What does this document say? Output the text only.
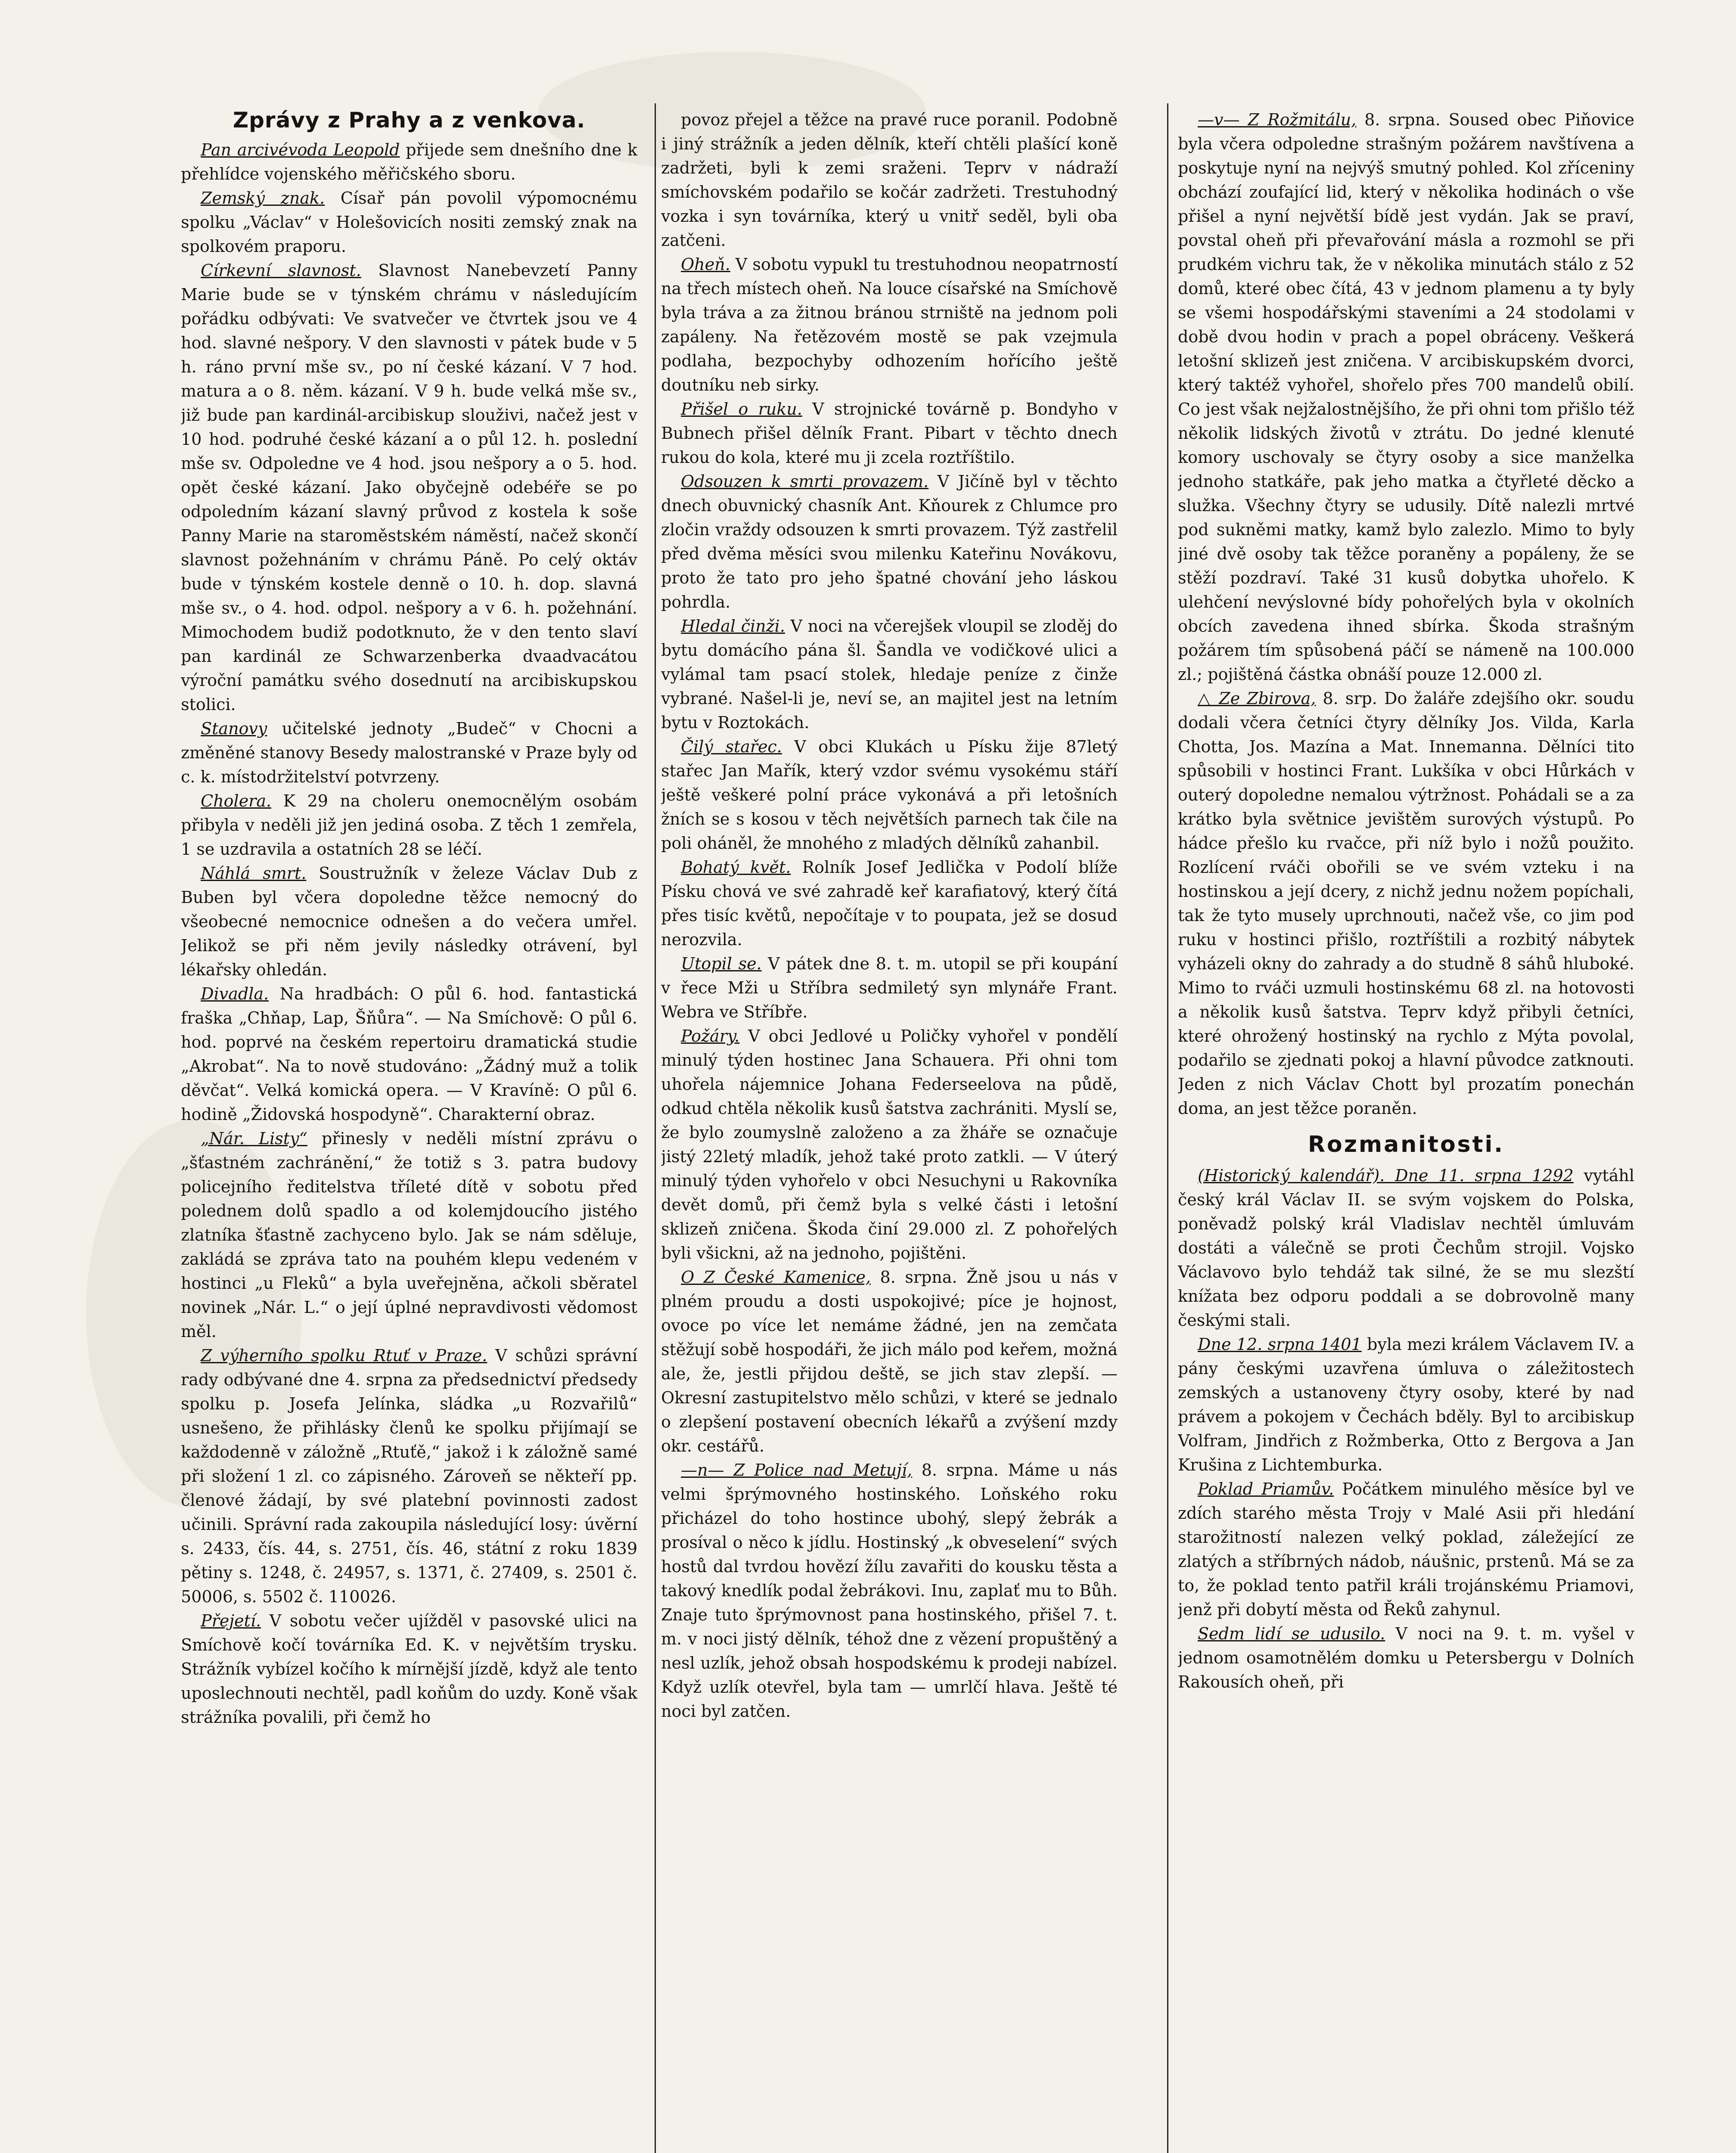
Zprávy z Prahy a z venkova.

Pan arcivévoda Leopold přijede sem dnešního dne k přehlídce vojenského měřičského sboru.

Zemský znak. Císař pán povolil výpomocnému spolku „Václav“ v Holešovicích nositi zemský znak na spolkovém praporu.

Církevní slavnost. Slavnost Nanebevzetí Panny Marie bude se v týnském chrámu v následujícím pořádku odbývati: Ve svatvečer ve čtvrtek jsou ve 4 hod. slavné nešpory. V den slavnosti v pátek bude v 5 h. ráno první mše sv., po ní české kázaní. V 7 hod. matura a o 8. něm. kázaní. V 9 h. bude velká mše sv., již bude pan kardinál-arcibiskup slouživi, načež jest v 10 hod. podruhé české kázaní a o půl 12. h. poslední mše sv. Odpoledne ve 4 hod. jsou nešpory a o 5. hod. opět české kázaní. Jako obyčejně odebéře se po odpoledním kázaní slavný průvod z kostela k soše Panny Marie na staroměstském náměstí, načež skončí slavnost požehnáním v chrámu Páně. Po celý oktáv bude v týnském kostele denně o 10. h. dop. slavná mše sv., o 4. hod. odpol. nešpory a v 6. h. požehnání. Mimochodem budiž podotknuto, že v den tento slaví pan kardinál ze Schwarzenberka dvaadvacátou výroční památku svého dosednutí na arcibiskupskou stolici.

Stanovy učitelské jednoty „Budeč“ v Chocni a změněné stanovy Besedy malostranské v Praze byly od c. k. místodržitelství potvrzeny.

Cholera. K 29 na choleru onemocnělým osobám přibyla v neděli již jen jediná osoba. Z těch 1 zemřela, 1 se uzdravila a ostatních 28 se léčí.

Náhlá smrt. Soustružník v železe Václav Dub z Buben byl včera dopoledne těžce nemocný do všeobecné nemocnice odnešen a do večera umřel. Jelikož se při něm jevily následky otrávení, byl lékařsky ohledán.

Divadla. Na hradbách: O půl 6. hod. fantastická fraška „Chňap, Lap, Šňůra“. — Na Smíchově: O půl 6. hod. poprvé na českém repertoiru dramatická studie „Akrobat“. Na to nově studováno: „Žádný muž a tolik děvčat“. Velká komická opera. — V Kravíně: O půl 6. hodině „Židovská hospodyně“. Charakterní obraz.

„Nár. Listy“ přinesly v neděli místní zprávu o „šťastném zachránění,“ že totiž s 3. patra budovy policejního ředitelstva tříleté dítě v sobotu před polednem dolů spadlo a od kolemjdoucího jistého zlatníka šťastně zachyceno bylo. Jak se nám sděluje, zakládá se zpráva tato na pouhém klepu vedeném v hostinci „u Fleků“ a byla uveřejněna, ačkoli sběratel novinek „Nár. L.“ o její úplné nepravdivosti vědomost měl.

Z výherního spolku Rtuť v Praze. V schůzi správní rady odbývané dne 4. srpna za předsednictví předsedy spolku p. Josefa Jelínka, sládka „u Rozvařilů“ usnešeno, že přihlásky členů ke spolku přijímají se každodenně v záložně „Rtuťě,“ jakož i k záložně samé při složení 1 zl. co zápisného. Zároveň se někteří pp. členové žádají, by své platební povinnosti zadost učinili. Správní rada zakoupila následující losy: úvěrní s. 2433, čís. 44, s. 2751, čís. 46, státní z roku 1839 pětiny s. 1248, č. 24957, s. 1371, č. 27409, s. 2501 č. 50006, s. 5502 č. 110026.

Přejetí. V sobotu večer ujížděl v pasovské ulici na Smíchově kočí továrníka Ed. K. v největším trysku. Strážník vybízel kočího k mírnější jízdě, když ale tento uposlechnouti nechtěl, padl koňům do uzdy. Koně však strážníka povalili, při čemž ho

povoz přejel a těžce na pravé ruce poranil. Podobně i jiný strážník a jeden dělník, kteří chtěli plašící koně zadržeti, byli k zemi sraženi. Teprv v nádraží smíchovském podařilo se kočár zadržeti. Trestuhodný vozka i syn továrníka, který u vnitř seděl, byli oba zatčeni.

Oheň. V sobotu vypukl tu trestuhodnou neopatrností na třech místech oheň. Na louce císařské na Smíchově byla tráva a za žitnou bránou strniště na jednom poli zapáleny. Na řetězovém mostě se pak vzejmula podlaha, bezpochyby odhozením hořícího ještě doutníku neb sirky.

Přišel o ruku. V strojnické továrně p. Bondyho v Bubnech přišel dělník Frant. Pibart v těchto dnech rukou do kola, které mu ji zcela roztříštilo.

Odsouzen k smrti provazem. V Jičíně byl v těchto dnech obuvnický chasník Ant. Kňourek z Chlumce pro zločin vraždy odsouzen k smrti provazem. Týž zastřelil před dvěma měsíci svou milenku Kateřinu Novákovu, proto že tato pro jeho špatné chování jeho láskou pohrdla.

Hledal činži. V noci na včerejšek vloupil se zloděj do bytu domácího pána šl. Šandla ve vodičkové ulici a vylámal tam psací stolek, hledaje peníze z činže vybrané. Našel-li je, neví se, an majitel jest na letním bytu v Roztokách.

Čilý stařec. V obci Klukách u Písku žije 87letý stařec Jan Mařík, který vzdor svému vysokému stáří ještě veškeré polní práce vykonává a při letošních žních se s kosou v těch největších parnech tak čile na poli oháněl, že mnohého z mladých dělníků zahanbil.

Bohatý květ. Rolník Josef Jedlička v Podolí blíže Písku chová ve své zahradě keř karafiatový, který čítá přes tisíc květů, nepočítaje v to poupata, jež se dosud nerozvila.

Utopil se. V pátek dne 8. t. m. utopil se při koupání v řece Mži u Stříbra sedmiletý syn mlynáře Frant. Webra ve Stříbře.

Požáry. V obci Jedlové u Poličky vyhořel v pondělí minulý týden hostinec Jana Schauera. Při ohni tom uhořela nájemnice Johana Federseelova na půdě, odkud chtěla několik kusů šatstva zachrániti. Myslí se, že bylo zoumyslně založeno a za žháře se označuje jistý 22letý mladík, jehož také proto zatkli. — V úterý minulý týden vyhořelo v obci Nesuchyni u Rakovníka devět domů, při čemž byla s velké části i letošní sklizeň zničena. Škoda činí 29.000 zl. Z pohořelých byli všickni, až na jednoho, pojištěni.

O Z České Kamenice, 8. srpna. Žně jsou u nás v plném proudu a dosti uspokojivé; píce je hojnost, ovoce po více let nemáme žádné, jen na zemčata stěžují sobě hospodáři, že jich málo pod keřem, možná ale, že, jestli přijdou deště, se jich stav zlepší. — Okresní zastupitelstvo mělo schůzi, v které se jednalo o zlepšení postavení obecních lékařů a zvýšení mzdy okr. cestářů.

—n— Z Police nad Metují, 8. srpna. Máme u nás velmi šprýmovného hostinského. Loňského roku přicházel do toho hostince ubohý, slepý žebrák a prosíval o něco k jídlu. Hostinský „k obveselení“ svých hostů dal tvrdou hovězí žílu zavařiti do kousku těsta a takový knedlík podal žebrákovi. Inu, zaplať mu to Bůh. Znaje tuto šprýmovnost pana hostinského, přišel 7. t. m. v noci jistý dělník, téhož dne z vězení propuštěný a nesl uzlík, jehož obsah hospodskému k prodeji nabízel. Když uzlík otevřel, byla tam — umrlčí hlava. Ještě té noci byl zatčen.

—v— Z Rožmitálu, 8. srpna. Soused obec Piňovice byla včera odpoledne strašným požárem navštívena a poskytuje nyní na nejvýš smutný pohled. Kol zříceniny obchází zoufající lid, který v několika hodinách o vše přišel a nyní největší bídě jest vydán. Jak se praví, povstal oheň při převařování másla a rozmohl se při prudkém vichru tak, že v několika minutách stálo z 52 domů, které obec čítá, 43 v jednom plamenu a ty byly se všemi hospodářskými staveními a 24 stodolami v době dvou hodin v prach a popel obráceny. Veškerá letošní sklizeň jest zničena. V arcibiskupském dvorci, který taktéž vyhořel, shořelo přes 700 mandelů obilí. Co jest však nejžalostnějšího, že při ohni tom přišlo též několik lidských životů v ztrátu. Do jedné klenuté komory uschovaly se čtyry osoby a sice manželka jednoho statkáře, pak jeho matka a čtyřleté děcko a služka. Všechny čtyry se udusily. Dítě nalezli mrtvé pod sukněmi matky, kamž bylo zalezlo. Mimo to byly jiné dvě osoby tak těžce poraněny a popáleny, že se stěží pozdraví. Také 31 kusů dobytka uhořelo. K ulehčení nevýslovné bídy pohořelých byla v okolních obcích zavedena ihned sbírka. Škoda strašným požárem tím spůsobená páčí se námeně na 100.000 zl.; pojištěná částka obnáší pouze 12.000 zl.

△ Ze Zbirova, 8. srp. Do žaláře zdejšího okr. soudu dodali včera četníci čtyry dělníky Jos. Vilda, Karla Chotta, Jos. Mazína a Mat. Innemanna. Dělníci tito spůsobili v hostinci Frant. Lukšíka v obci Hůrkách v outerý dopoledne nemalou výtržnost. Pohádali se a za krátko byla světnice jevištěm surových výstupů. Po hádce přešlo ku rvačce, při níž bylo i nožů použito. Rozlícení rváči obořili se ve svém vzteku i na hostinskou a její dcery, z nichž jednu nožem popíchali, tak že tyto musely uprchnouti, načež vše, co jim pod ruku v hostinci přišlo, roztříštili a rozbitý nábytek vyházeli okny do zahrady a do studně 8 sáhů hluboké. Mimo to rváči uzmuli hostinskému 68 zl. na hotovosti a několik kusů šatstva. Teprv když přibyli četníci, které ohrožený hostinský na rychlo z Mýta povolal, podařilo se zjednati pokoj a hlavní původce zatknouti. Jeden z nich Václav Chott byl prozatím ponechán doma, an jest těžce poraněn.

Rozmanitosti.

(Historický kalendář). Dne 11. srpna 1292 vytáhl český král Václav II. se svým vojskem do Polska, poněvadž polský král Vladislav nechtěl úmluvám dostáti a válečně se proti Čechům strojil. Vojsko Václavovo bylo tehdáž tak silné, že se mu slezští knížata bez odporu poddali a se dobrovolně many českými stali.

Dne 12. srpna 1401 byla mezi králem Václavem IV. a pány českými uzavřena úmluva o záležitostech zemských a ustanoveny čtyry osoby, které by nad právem a pokojem v Čechách bděly. Byl to arcibiskup Volfram, Jindřich z Rožmberka, Otto z Bergova a Jan Krušina z Lichtemburka.

Poklad Priamův. Počátkem minulého měsíce byl ve zdích starého města Trojy v Malé Asii při hledání starožitností nalezen velký poklad, záležející ze zlatých a stříbrných nádob, náušnic, prstenů. Má se za to, že poklad tento patřil králi trojánskému Priamovi, jenž při dobytí města od Řeků zahynul.

Sedm lidí se udusilo. V noci na 9. t. m. vyšel v jednom osamotnělém domku u Petersbergu v Dolních Rakousích oheň, při
